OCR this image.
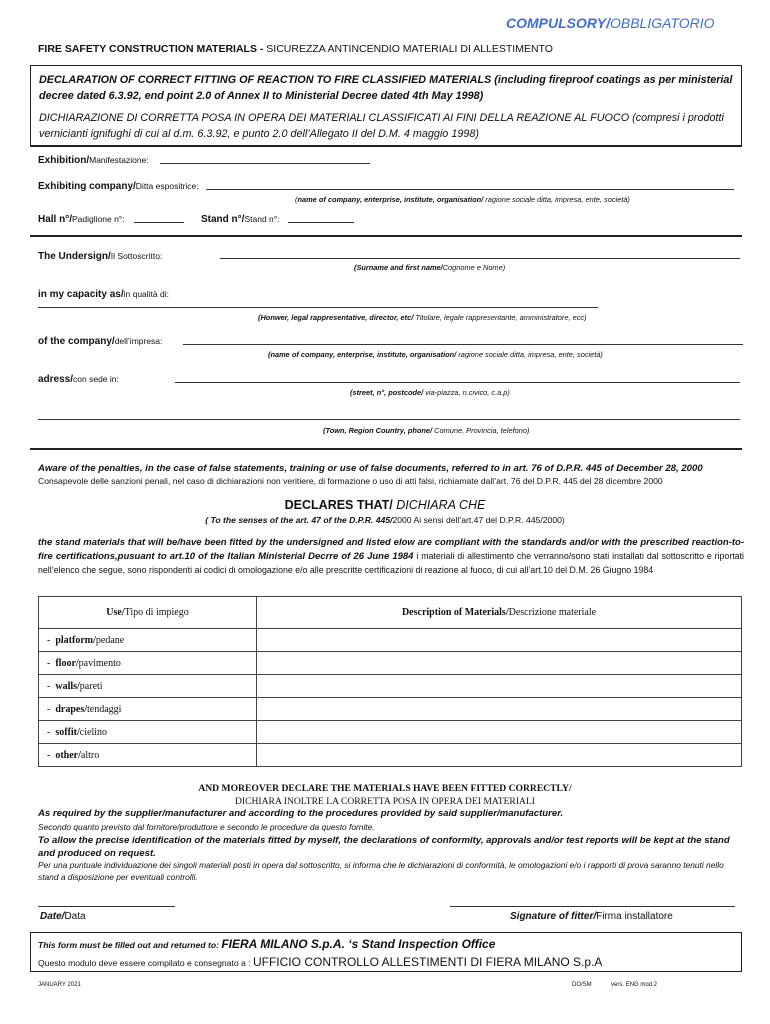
COMPULSORY/OBBLIGATORIO
FIRE SAFETY CONSTRUCTION MATERIALS - SICUREZZA ANTINCENDIO MATERIALI DI ALLESTIMENTO
DECLARATION OF CORRECT FITTING OF REACTION TO FIRE CLASSIFIED MATERIALS (including fireproof coatings as per ministerial decree dated 6.3.92, end point 2.0 of Annex II to Ministerial Decree dated 4th May 1998)
DICHIARAZIONE DI CORRETTA POSA IN OPERA DEI MATERIALI CLASSIFICATI AI FINI DELLA REAZIONE AL FUOCO (compresi i prodotti vernicianti ignifughi di cui al d.m. 6.3.92, e punto 2.0 dell’Allegato II del D.M. 4 maggio 1998)
Exhibition/Manifestazione:
Exhibiting company/Ditta espositrice:
(name of company, enterprise, institute, organisation/ ragione sociale ditta, impresa, ente, società)
Hall n°/Padiglione n°:	Stand n°/Stand n°:
The Undersign/Il Sottoscritto:
(Surname and first name/Cognome e Nome)
in my capacity as/in qualità di:
(Honwer, legal rappresentative, director, etc/ Titolare, legale rappresentante, amministratore, ecc)
of the company/dell’impresa:
(name of company, enterprise, institute, organisation/ ragione sociale ditta, impresa, ente, società)
adress/con sede in:
(street, n°, postcode/ via-piazza, n.civico, c.a.p)
(Town, Region Country, phone/ Comune, Provincia, telefono)
Aware of the penalties, in the case of false statements, training or use of false documents, referred to in art. 76 of D.P.R. 445 of December 28, 2000
Consapevole delle sanzioni penali, nel caso di dichiarazioni non veritiere, di formazione o uso di atti falsi, richiamate dall’art. 76 del D.P.R. 445 del 28 dicembre 2000
DECLARES THAT/ DICHIARA CHE
( To the senses of the art. 47 of the D.P.R. 445/2000 Ai sensi dell’art.47 del D.P.R. 445/2000)
the stand materials that will be/have been fitted by the undersigned and listed elow are compliant with the standards and/or with the prescribed reaction-to-fire certifications,pusuant to art.10 of the Italian Ministerial Decrre of 26 June 1984 i materiali di allestimento che verranno/sono stati installati dal sottoscritto e riportati nell’elenco che segue, sono rispondenti ai codici di omologazione e/o alle prescritte certificazioni di reazione al fuoco, di cui all’art.10 del D.M. 26 Giugno 1984
Use/Tipo di impiego	Description of Materials/Descrizione materiale
-  platform/pedane	
-  floor/pavimento	
-  walls/pareti	
-  drapes/tendaggi	
-  soffit/cielino	
-  other/altro	
AND MOREOVER DECLARE THE MATERIALS HAVE BEEN FITTED CORRECTLY/
DICHIARA INOLTRE LA CORRETTA POSA IN OPERA DEI MATERIALI
As required by the supplier/manufacturer and according to the procedures provided by said supplier/manufacturer.
Secondo quanto previsto dal fornitore/produttore e secondo le procedure da questo fornite.
To allow the precise identification of the materials fitted by myself, the declarations of conformity, approvals and/or test reports will be kept at the stand and produced on request.
Per una puntuale individuazione dei singoli materiali posti in opera dal sottoscritto, si informa che le dichiarazioni di conformità, le omologazioni e/o i rapporti di prova saranno tenuti nello stand a disposizione per eventuali controlli.
Date/Data	Signature of fitter/Firma installatore
This form must be filled out and returned to: FIERA MILANO S.p.A. ‘s Stand Inspection Office
Questo modulo deve essere compilato e consegnato a : UFFICIO CONTROLLO ALLESTIMENTI DI FIERA MILANO S.p.A
JANUARY 2021	DO/SM	vers. ENG mod.2
